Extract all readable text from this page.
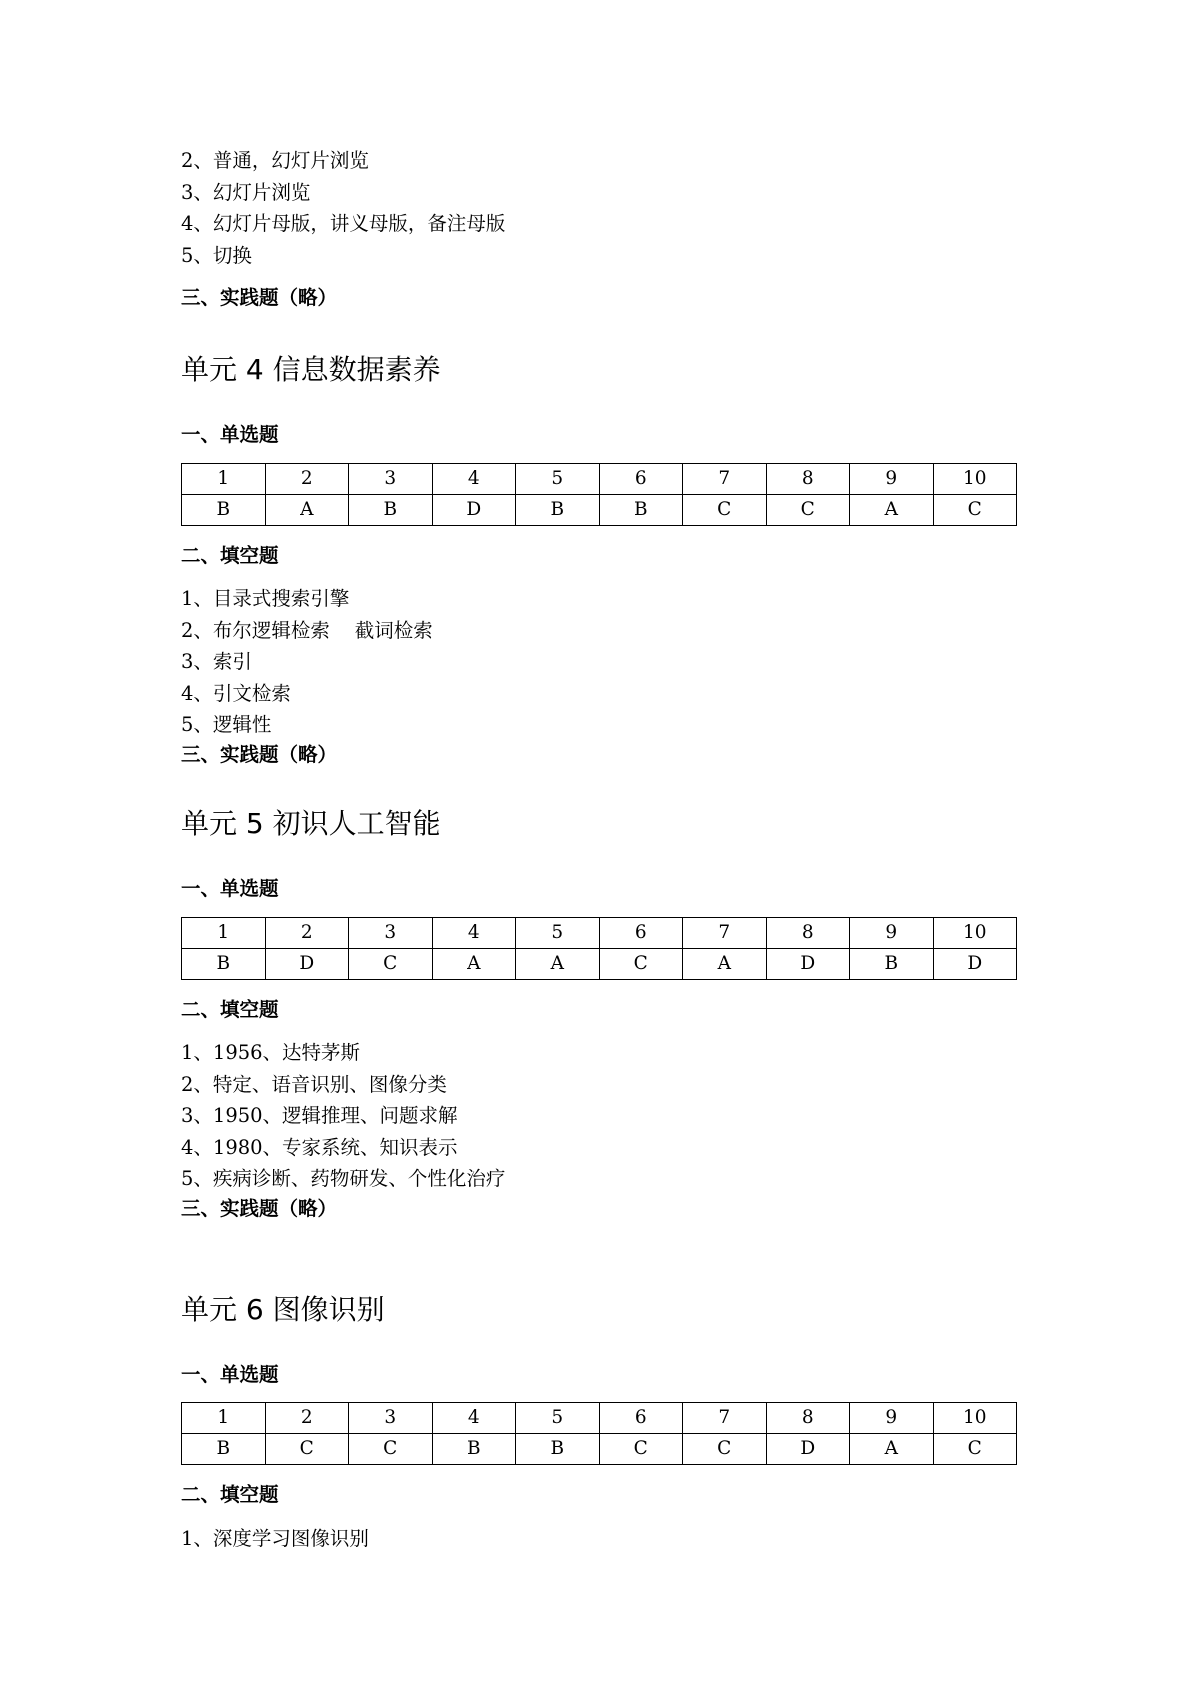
2、普通，幻灯片浏览
3、幻灯片浏览
4、幻灯片母版，讲义母版，备注母版
5、切换
三、实践题（略）
单元 4 信息数据素养
一、单选题
1	2	3	4	5	6	7	8	9	10
B	A	B	D	B	B	C	C	A	C
二、填空题
1、目录式搜索引擎
2、布尔逻辑检索    截词检索
3、索引
4、引文检索
5、逻辑性
三、实践题（略）
单元 5 初识人工智能
一、单选题
1	2	3	4	5	6	7	8	9	10
B	D	C	A	A	C	A	D	B	D
二、填空题
1、1956、达特茅斯
2、特定、语音识别、图像分类
3、1950、逻辑推理、问题求解
4、1980、专家系统、知识表示
5、疾病诊断、药物研发、个性化治疗
三、实践题（略）
单元 6 图像识别
一、单选题
1	2	3	4	5	6	7	8	9	10
B	C	C	B	B	C	C	D	A	C
二、填空题
1、深度学习图像识别
